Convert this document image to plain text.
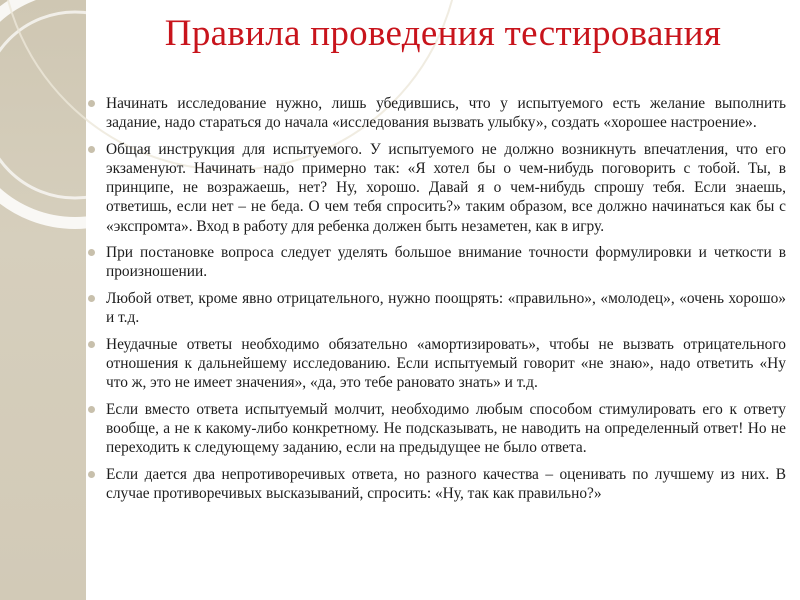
Правила проведения тестирования
Начинать исследование нужно, лишь убедившись, что у испытуемого есть желание выполнить задание, надо стараться до начала «исследования вызвать улыбку», создать «хорошее настроение».
Общая инструкция для испытуемого. У испытуемого не должно возникнуть впечатления, что его экзаменуют. Начинать надо примерно так: «Я хотел бы о чем-нибудь поговорить с тобой. Ты, в принципе, не возражаешь, нет? Ну, хорошо. Давай я о чем-нибудь спрошу тебя. Если знаешь, ответишь, если нет – не беда. О чем тебя спросить?» таким образом, все должно начинаться как бы с «экспромта». Вход в работу для ребенка должен быть незаметен, как в игру.
При постановке вопроса следует уделять большое внимание точности формулировки и четкости в произношении.
Любой ответ, кроме явно отрицательного, нужно поощрять: «правильно», «молодец», «очень хорошо» и т.д.
Неудачные ответы необходимо обязательно «амортизировать», чтобы не вызвать отрицательного отношения к дальнейшему исследованию. Если испытуемый говорит «не знаю», надо ответить «Ну что ж, это не имеет значения», «да, это тебе рановато знать» и т.д.
Если вместо ответа испытуемый молчит, необходимо любым способом стимулировать его к ответу вообще, а не к какому-либо конкретному. Не подсказывать, не наводить на определенный ответ! Но не переходить к следующему заданию, если на предыдущее не было ответа.
Если дается два непротиворечивых ответа, но разного качества – оценивать по лучшему из них. В случае противоречивых высказываний, спросить: «Ну, так как правильно?»
